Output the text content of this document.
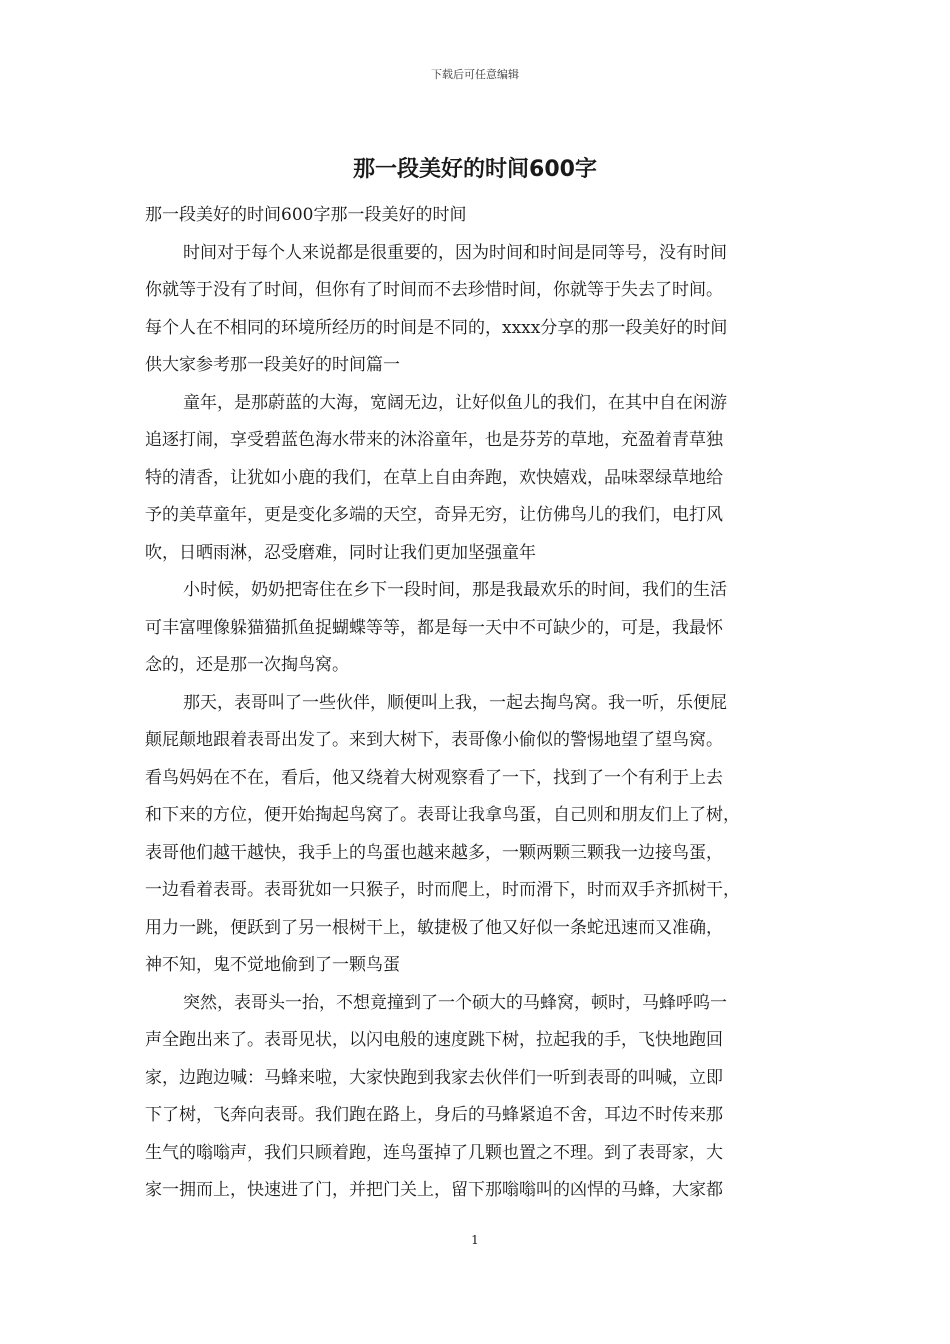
下载后可任意编辑
那一段美好的时间600字
那一段美好的时间600字那一段美好的时间
时间对于每个人来说都是很重要的，因为时间和时间是同等号，没有时间
你就等于没有了时间，但你有了时间而不去珍惜时间，你就等于失去了时间。
每个人在不相同的环境所经历的时间是不同的，xxxx分享的那一段美好的时间
供大家参考那一段美好的时间篇一
童年，是那蔚蓝的大海，宽阔无边，让好似鱼儿的我们，在其中自在闲游
追逐打闹，享受碧蓝色海水带来的沐浴童年，也是芬芳的草地，充盈着青草独
特的清香，让犹如小鹿的我们，在草上自由奔跑，欢快嬉戏，品味翠绿草地给
予的美草童年，更是变化多端的天空，奇异无穷，让仿佛鸟儿的我们，电打风
吹，日晒雨淋，忍受磨难，同时让我们更加坚强童年
小时候，奶奶把寄住在乡下一段时间，那是我最欢乐的时间，我们的生活
可丰富哩像躲猫猫抓鱼捉蝴蝶等等，都是每一天中不可缺少的，可是，我最怀
念的，还是那一次掏鸟窝。
那天，表哥叫了一些伙伴，顺便叫上我，一起去掏鸟窝。我一听，乐便屁
颠屁颠地跟着表哥出发了。来到大树下，表哥像小偷似的警惕地望了望鸟窝。
看鸟妈妈在不在，看后，他又绕着大树观察看了一下，找到了一个有利于上去
和下来的方位，便开始掏起鸟窝了。表哥让我拿鸟蛋，自己则和朋友们上了树，
表哥他们越干越快，我手上的鸟蛋也越来越多，一颗两颗三颗我一边接鸟蛋，
一边看着表哥。表哥犹如一只猴子，时而爬上，时而滑下，时而双手齐抓树干，
用力一跳，便跃到了另一根树干上，敏捷极了他又好似一条蛇迅速而又准确，
神不知，鬼不觉地偷到了一颗鸟蛋
突然，表哥头一抬，不想竟撞到了一个硕大的马蜂窝，顿时，马蜂呼呜一
声全跑出来了。表哥见状，以闪电般的速度跳下树，拉起我的手，飞快地跑回
家，边跑边喊：马蜂来啦，大家快跑到我家去伙伴们一听到表哥的叫喊，立即
下了树，飞奔向表哥。我们跑在路上，身后的马蜂紧追不舍，耳边不时传来那
生气的嗡嗡声，我们只顾着跑，连鸟蛋掉了几颗也置之不理。到了表哥家，大
家一拥而上，快速进了门，并把门关上，留下那嗡嗡叫的凶悍的马蜂，大家都
1
